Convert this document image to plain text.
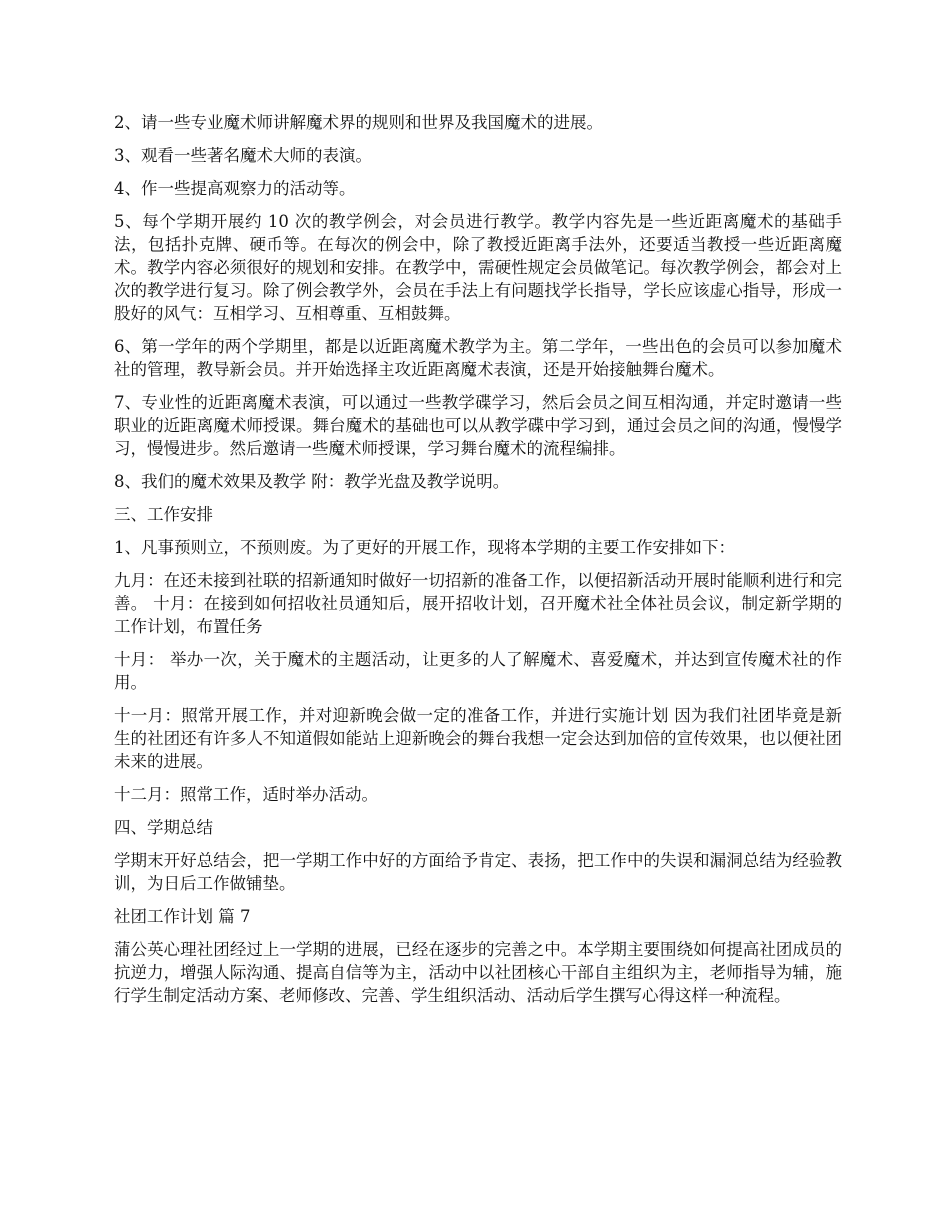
2、请一些专业魔术师讲解魔术界的规则和世界及我国魔术的进展。

3、观看一些著名魔术大师的表演。

4、作一些提高观察力的活动等。

5、每个学期开展约 10 次的教学例会，对会员进行教学。教学内容先是一些近距离魔术的基础手法，包括扑克牌、硬币等。在每次的例会中，除了教授近距离手法外，还要适当教授一些近距离魔术。教学内容必须很好的规划和安排。在教学中，需硬性规定会员做笔记。每次教学例会，都会对上次的教学进行复习。除了例会教学外，会员在手法上有问题找学长指导，学长应该虚心指导，形成一股好的风气：互相学习、互相尊重、互相鼓舞。

6、第一学年的两个学期里，都是以近距离魔术教学为主。第二学年，一些出色的会员可以参加魔术社的管理，教导新会员。并开始选择主攻近距离魔术表演，还是开始接触舞台魔术。

7、专业性的近距离魔术表演，可以通过一些教学碟学习，然后会员之间互相沟通，并定时邀请一些职业的近距离魔术师授课。舞台魔术的基础也可以从教学碟中学习到，通过会员之间的沟通，慢慢学习，慢慢进步。然后邀请一些魔术师授课，学习舞台魔术的流程编排。

8、我们的魔术效果及教学 附：教学光盘及教学说明。

三、工作安排

1、凡事预则立，不预则废。为了更好的开展工作，现将本学期的主要工作安排如下：

九月：在还未接到社联的招新通知时做好一切招新的准备工作，以便招新活动开展时能顺利进行和完善。 十月：在接到如何招收社员通知后，展开招收计划，召开魔术社全体社员会议，制定新学期的工作计划，布置任务

十月： 举办一次，关于魔术的主题活动，让更多的人了解魔术、喜爱魔术，并达到宣传魔术社的作用。

十一月：照常开展工作，并对迎新晚会做一定的准备工作，并进行实施计划 因为我们社团毕竟是新生的社团还有许多人不知道假如能站上迎新晚会的舞台我想一定会达到加倍的宣传效果，也以便社团未来的进展。

十二月：照常工作，适时举办活动。

四、学期总结

学期末开好总结会，把一学期工作中好的方面给予肯定、表扬，把工作中的失误和漏洞总结为经验教训，为日后工作做铺垫。

社团工作计划 篇 7

蒲公英心理社团经过上一学期的进展，已经在逐步的完善之中。本学期主要围绕如何提高社团成员的抗逆力，增强人际沟通、提高自信等为主，活动中以社团核心干部自主组织为主，老师指导为辅，施行学生制定活动方案、老师修改、完善、学生组织活动、活动后学生撰写心得这样一种流程。
